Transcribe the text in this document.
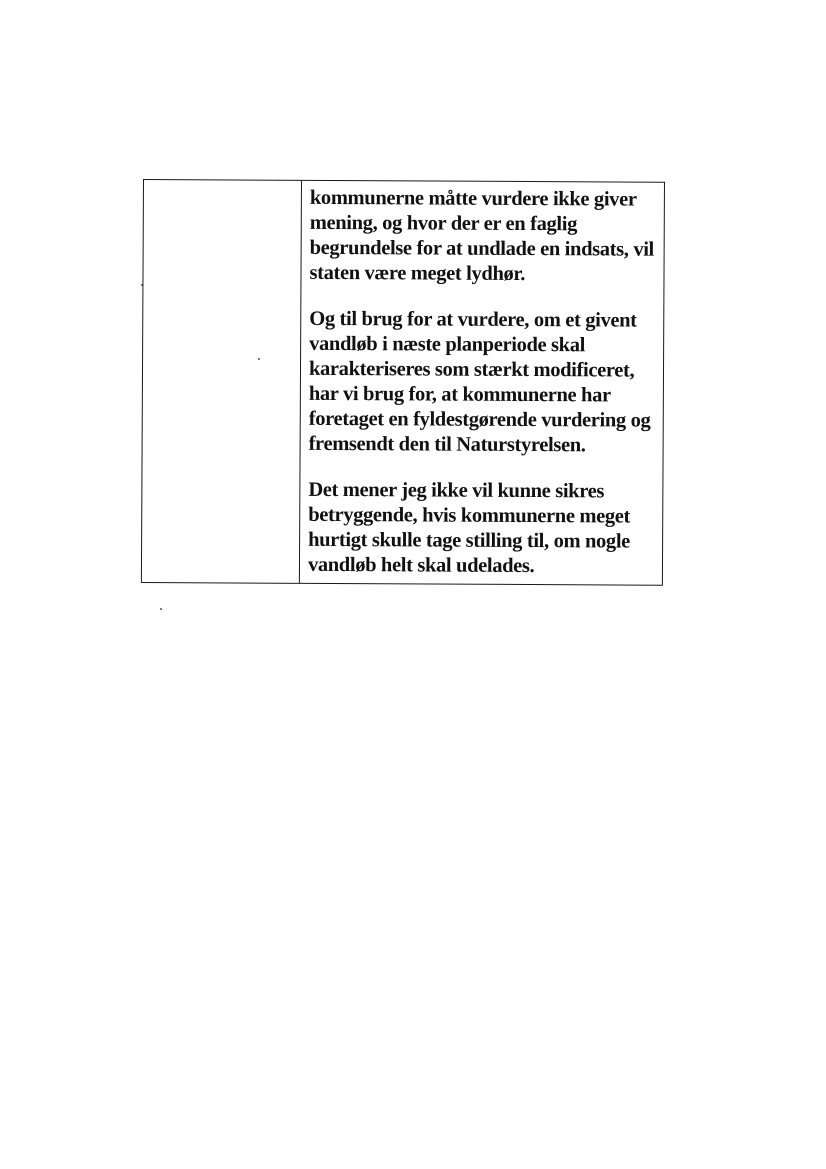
kommunerne måtte vurdere ikke giver
mening, og hvor der er en faglig
begrundelse for at undlade en indsats, vil
staten være meget lydhør.

Og til brug for at vurdere, om et givent
vandløb i næste planperiode skal
karakteriseres som stærkt modificeret,
har vi brug for, at kommunerne har
foretaget en fyldestgørende vurdering og
fremsendt den til Naturstyrelsen.

Det mener jeg ikke vil kunne sikres
betryggende, hvis kommunerne meget
hurtigt skulle tage stilling til, om nogle
vandløb helt skal udelades.
